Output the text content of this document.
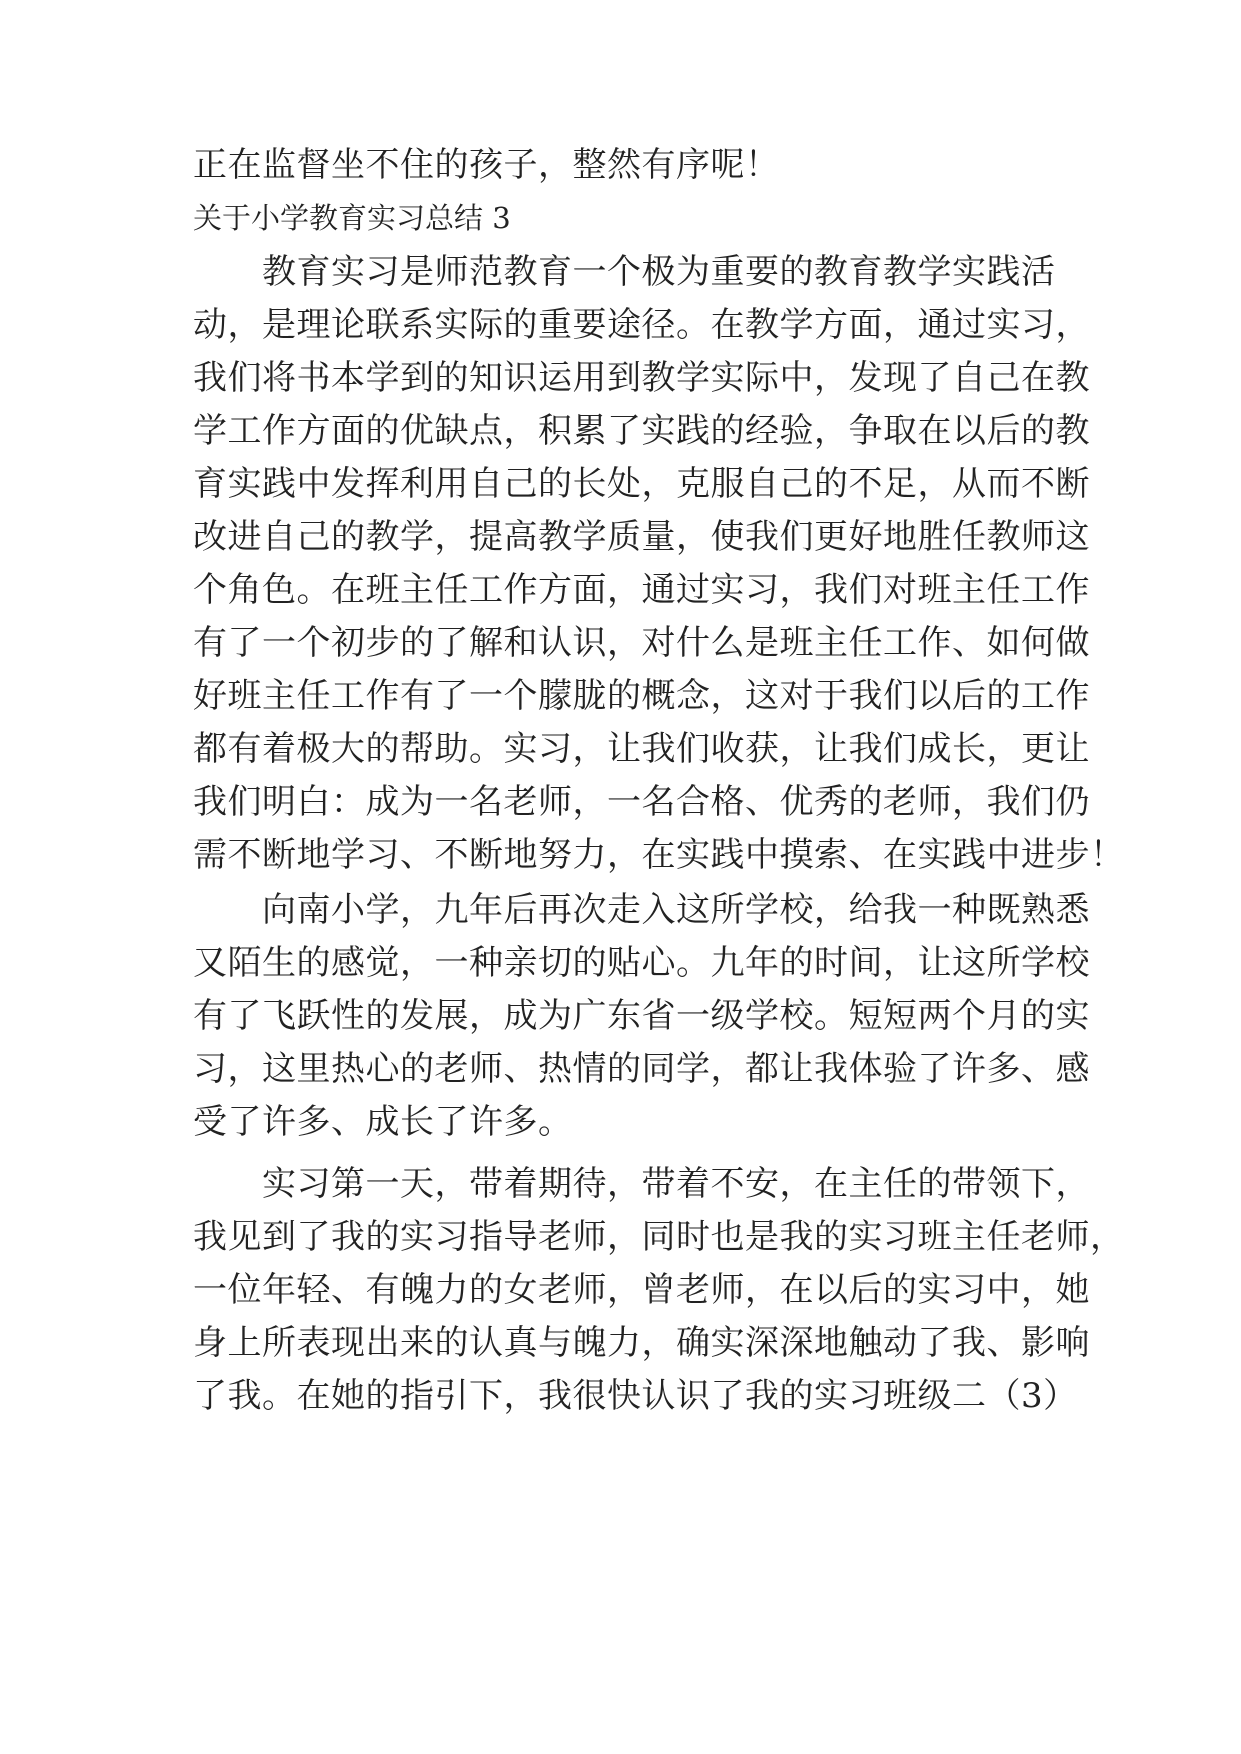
正在监督坐不住的孩子，整然有序呢！
关于小学教育实习总结 3
教育实习是师范教育一个极为重要的教育教学实践活
动，是理论联系实际的重要途径。在教学方面，通过实习，
我们将书本学到的知识运用到教学实际中，发现了自己在教
学工作方面的优缺点，积累了实践的经验，争取在以后的教
育实践中发挥利用自己的长处，克服自己的不足，从而不断
改进自己的教学，提高教学质量，使我们更好地胜任教师这
个角色。在班主任工作方面，通过实习，我们对班主任工作
有了一个初步的了解和认识，对什么是班主任工作、如何做
好班主任工作有了一个朦胧的概念，这对于我们以后的工作
都有着极大的帮助。实习，让我们收获，让我们成长，更让
我们明白：成为一名老师，一名合格、优秀的老师，我们仍
需不断地学习、不断地努力，在实践中摸索、在实践中进步！
向南小学，九年后再次走入这所学校，给我一种既熟悉
又陌生的感觉，一种亲切的贴心。九年的时间，让这所学校
有了飞跃性的发展，成为广东省一级学校。短短两个月的实
习，这里热心的老师、热情的同学，都让我体验了许多、感
受了许多、成长了许多。
实习第一天，带着期待，带着不安，在主任的带领下，
我见到了我的实习指导老师，同时也是我的实习班主任老师，
一位年轻、有魄力的女老师，曾老师，在以后的实习中，她
身上所表现出来的认真与魄力，确实深深地触动了我、影响
了我。在她的指引下，我很快认识了我的实习班级二（3）
